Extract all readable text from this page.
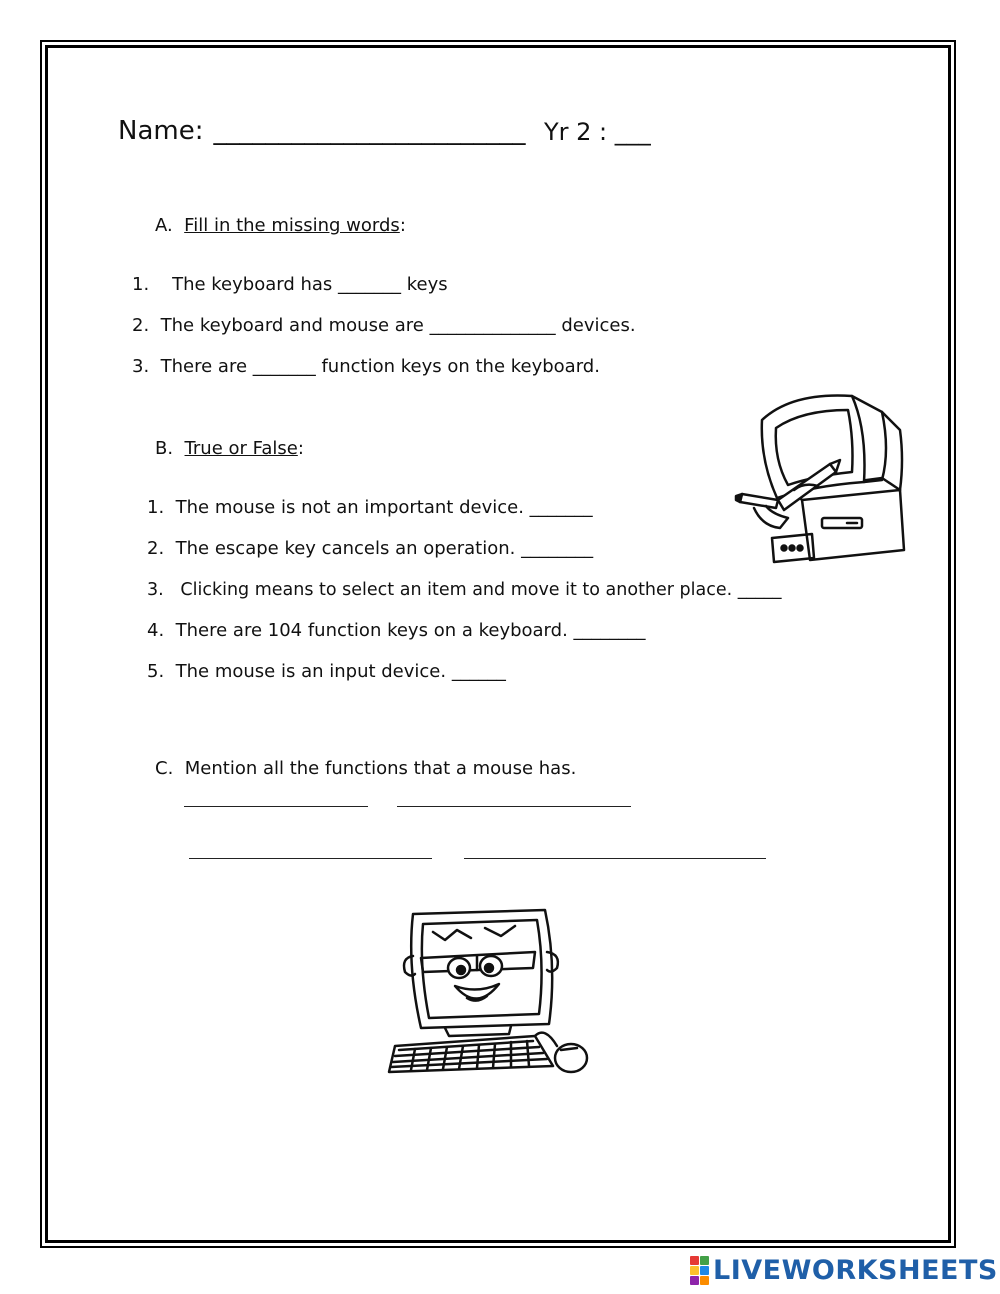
Name: ________________________ Yr 2 : ___
A. Fill in the missing words:
1. The keyboard has _______ keys
2. The keyboard and mouse are ______________ devices.
3. There are _______ function keys on the keyboard.
B. True or False:
1. The mouse is not an important device. _______
2. The escape key cancels an operation. ________
3. Clicking means to select an item and move it to another place. _____
4. There are 104 function keys on a keyboard. ________
5. The mouse is an input device. ______
C. Mention all the functions that a mouse has.
LIVEWORKSHEETS
